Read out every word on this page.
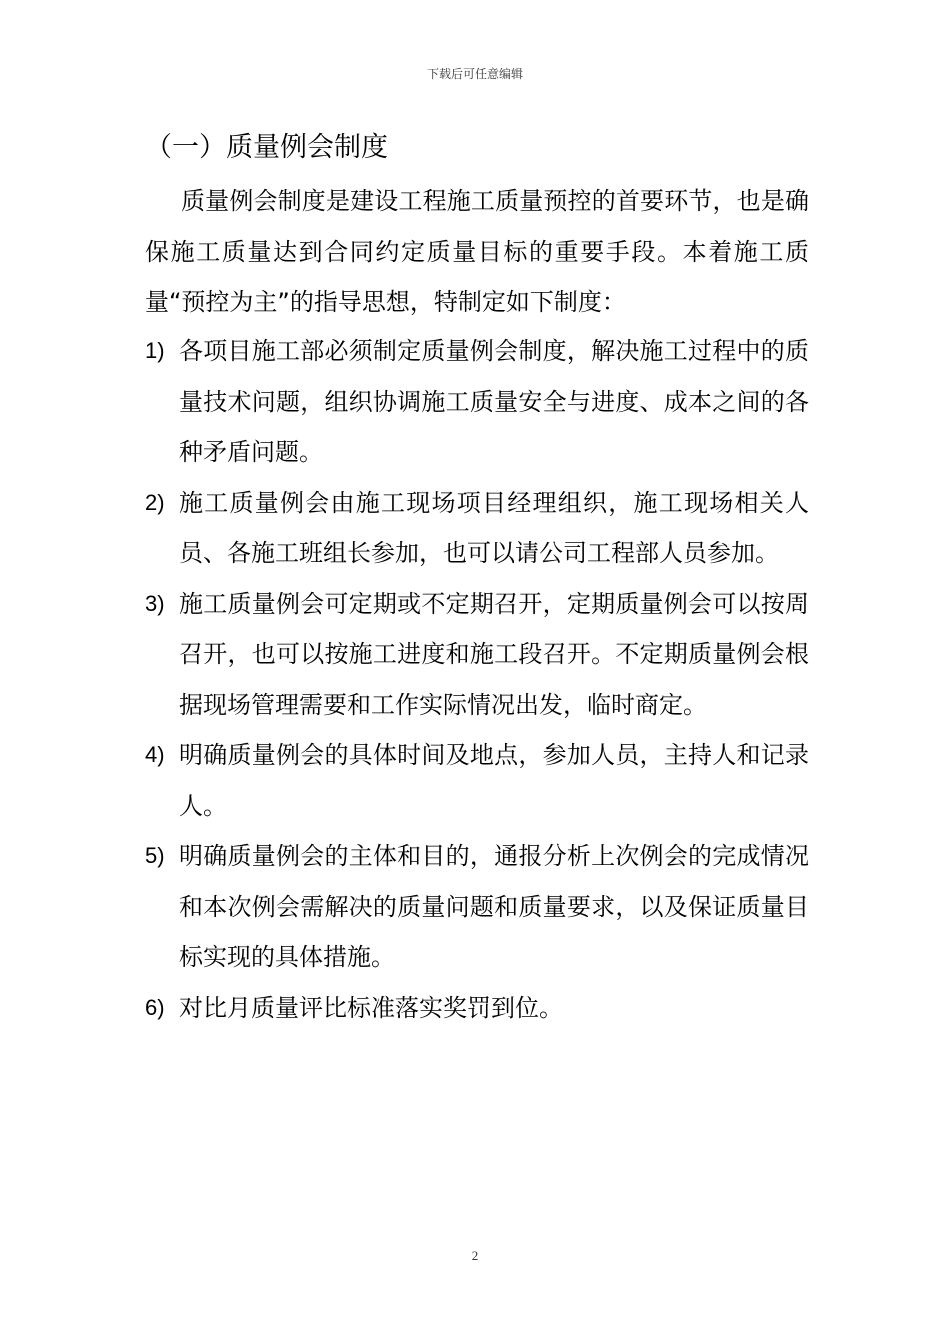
下载后可任意编辑
（一）质量例会制度

质量例会制度是建设工程施工质量预控的首要环节，也是确保施工质量达到合同约定质量目标的重要手段。本着施工质量“预控为主”的指导思想，特制定如下制度：

1) 各项目施工部必须制定质量例会制度，解决施工过程中的质量技术问题，组织协调施工质量安全与进度、成本之间的各种矛盾问题。
2) 施工质量例会由施工现场项目经理组织，施工现场相关人员、各施工班组长参加，也可以请公司工程部人员参加。
3) 施工质量例会可定期或不定期召开，定期质量例会可以按周召开，也可以按施工进度和施工段召开。不定期质量例会根据现场管理需要和工作实际情况出发，临时商定。
4) 明确质量例会的具体时间及地点，参加人员，主持人和记录人。
5) 明确质量例会的主体和目的，通报分析上次例会的完成情况和本次例会需解决的质量问题和质量要求，以及保证质量目标实现的具体措施。
6) 对比月质量评比标准落实奖罚到位。
2
